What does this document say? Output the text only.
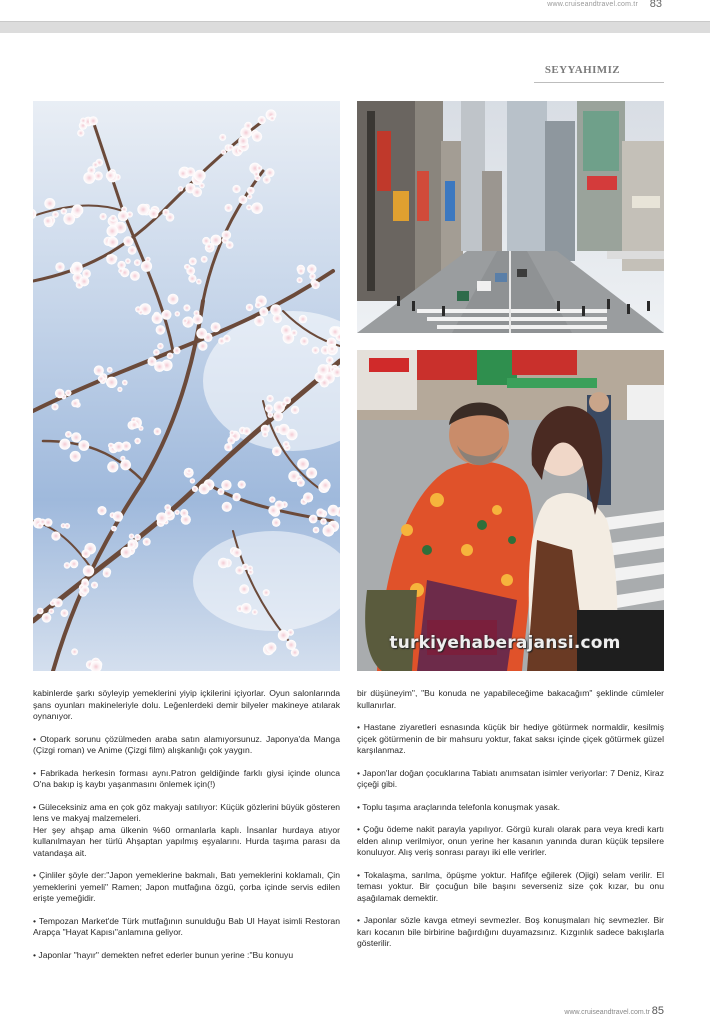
www.cruiseandtravel.com.tr 83
SEYYAHIMIZ
turkiyehaberajansi.com

kabinlerde şarkı söyleyip yemeklerini yiyip içkilerini içiyorlar. Oyun salonlarında şans oyunları makineleriyle dolu. Leğenlerdeki demir bilyeler makineye atılarak oynanıyor.

• Otopark sorunu çözülmeden araba satın alamıyorsunuz. Japonya'da Manga (Çizgi roman) ve Anime (Çizgi film) alışkanlığı çok yaygın.

• Fabrikada herkesin forması aynı.Patron geldiğinde farklı giysi içinde olunca O'na bakıp iş kaybı yaşanmasını önlemek için(!)

• Güleceksiniz ama en çok göz makyajı satılıyor: Küçük gözlerini büyük gösteren lens ve makyaj malzemeleri.

Her şey ahşap ama ülkenin %60 ormanlarla kaplı. İnsanlar hurdaya atıyor kullanılmayan her türlü Ahşaptan yapılmış eşyalarını. Hurda taşıma parası da vatandaşa ait.

• Çinliler şöyle der:"Japon yemeklerine bakmalı, Batı yemeklerini koklamalı, Çin yemeklerini yemeli" Ramen; Japon mutfağına özgü, çorba içinde servis edilen erişte yemeğidir.

• Tempozan Market'de Türk mutfağının sunulduğu Bab Ul Hayat isimli Restoran Arapça "Hayat Kapısı"anlamına geliyor.

• Japonlar "hayır" demekten nefret ederler bunun yerine :"Bu konuyu

bir düşüneyim", "Bu konuda ne yapabileceğime bakacağım" şeklinde cümleler kullanırlar.

• Hastane ziyaretleri esnasında küçük bir hediye götürmek normaldir, kesilmiş çiçek götürmenin de bir mahsuru yoktur, fakat saksı içinde çiçek götürmek güzel karşılanmaz.

• Japon'lar doğan çocuklarına Tabiatı anımsatan isimler veriyorlar: 7 Deniz, Kiraz çiçeği gibi.

• Toplu taşıma araçlarında telefonla konuşmak yasak.

• Çoğu ödeme nakit parayla yapılıyor. Görgü kuralı olarak para veya kredi kartı elden alınıp verilmiyor, onun yerine her kasanın yanında duran küçük tepsilere konuluyor. Alış veriş sonrası parayı iki elle verirler.

• Tokalaşma, sarılma, öpüşme yoktur. Hafifçe eğilerek (Ojigi) selam verilir. El teması yoktur. Bir çocuğun bile başını severseniz size çok kızar, bu onu aşağılamak demektir.

• Japonlar sözle kavga etmeyi sevmezler. Boş konuşmaları hiç sevmezler. Bir karı kocanın bile birbirine bağırdığını duyamazsınız. Kızgınlık sadece bakışlarla gösterilir.

www.cruiseandtravel.com.tr 85
